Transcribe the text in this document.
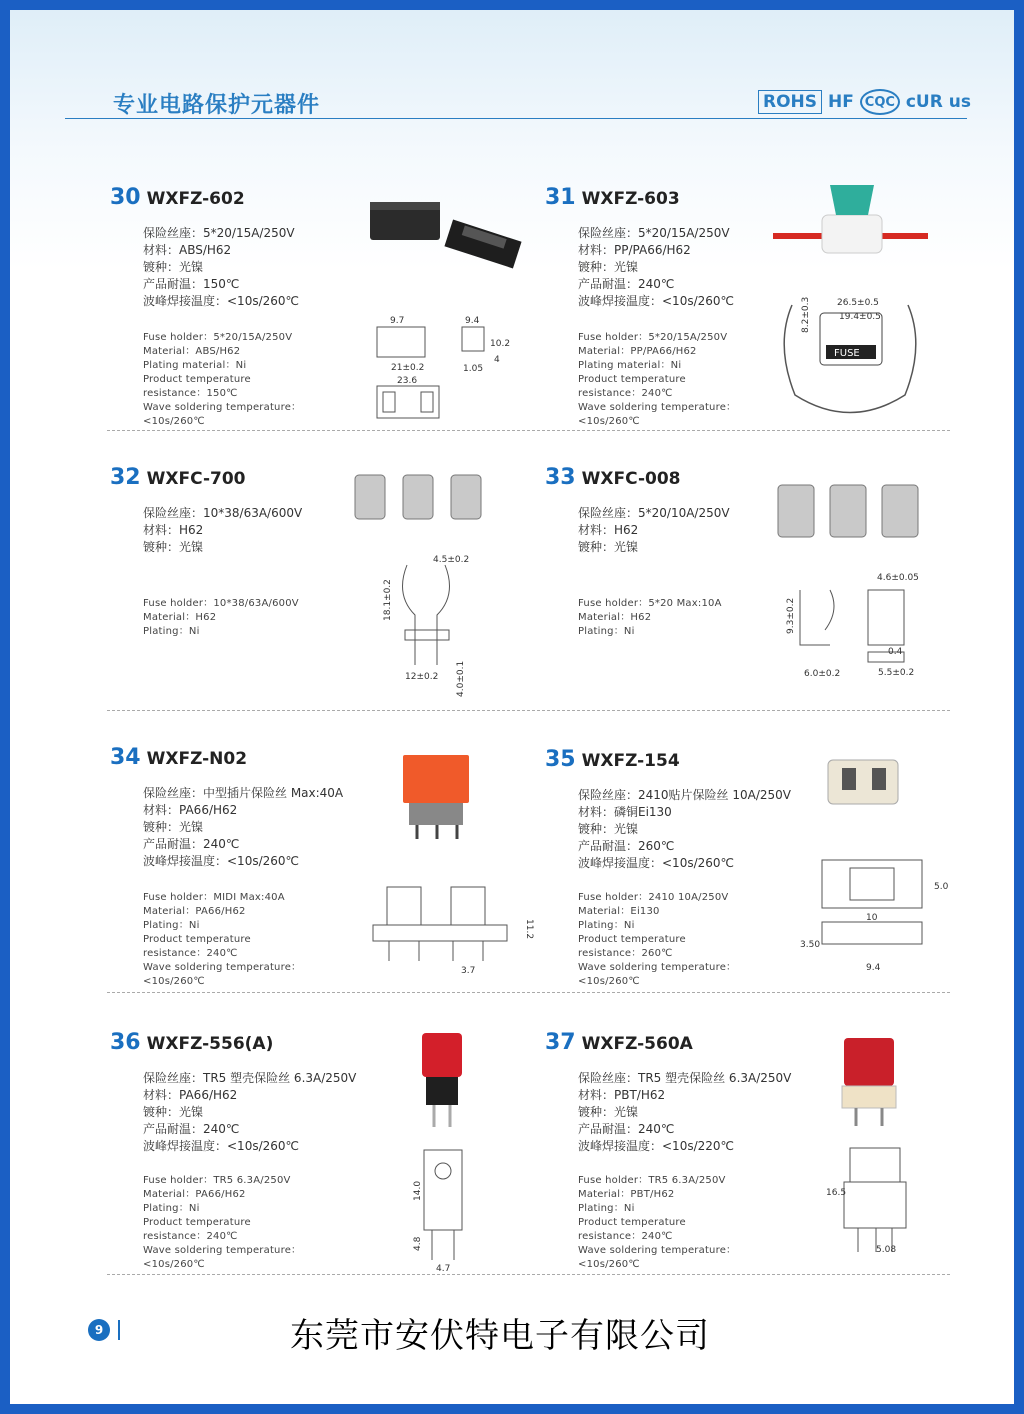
专业电路保护元器件	ROHS HF CQC cUR us
30 WXFZ-602
保险丝座：5*20/15A/250V
材料：ABS/H62
镀种：光镍
产品耐温：150℃
波峰焊接温度：<10s/260℃
Fuse holder：5*20/15A/250V
Material：ABS/H62
Plating material：Ni
Product temperature
resistance：150℃
Wave soldering temperature：
<10s/260℃
9.7	9.4
10.2
21±0.2	1.05
4
23.6
31 WXFZ-603
保险丝座：5*20/15A/250V
材料：PP/PA66/H62
镀种：光镍
产品耐温：240℃
波峰焊接温度：<10s/260℃
Fuse holder：5*20/15A/250V
Material：PP/PA66/H62
Plating material：Ni
Product temperature
resistance：240℃
Wave soldering temperature：
<10s/260℃
FUSE
26.5±0.5
19.4±0.5
8.2±0.3
32 WXFC-700
保险丝座：10*38/63A/600V
材料：H62
镀种：光镍
Fuse holder：10*38/63A/600V
Material：H62
Plating：Ni
4.5±0.2
18.1±0.2
12±0.2 4.0±0.1
33 WXFC-008
保险丝座：5*20/10A/250V
材料：H62
镀种：光镍
Fuse holder：5*20 Max:10A
Material：H62
Plating：Ni
4.6±0.05
9.3±0.2
0.4
6.0±0.2	5.5±0.2
34 WXFZ-N02
保险丝座：中型插片保险丝 Max:40A
材料：PA66/H62
镀种：光镍
产品耐温：240℃
波峰焊接温度：<10s/260℃
Fuse holder：MIDI Max:40A
Material：PA66/H62
Plating：Ni
Product temperature
resistance：240℃
Wave soldering temperature：
<10s/260℃
11.2
3.7
35 WXFZ-154
保险丝座：2410贴片保险丝 10A/250V
材料：磷铜Ei130
镀种：光镍
产品耐温：260℃
波峰焊接温度：<10s/260℃
Fuse holder：2410 10A/250V
Material：Ei130
Plating：Ni
Product temperature
resistance：260℃
Wave soldering temperature：
<10s/260℃
5.0
10
3.50
9.4
36 WXFZ-556(A)
保险丝座：TR5 塑壳保险丝 6.3A/250V
材料：PA66/H62
镀种：光镍
产品耐温：240℃
波峰焊接温度：<10s/260℃
Fuse holder：TR5 6.3A/250V
Material：PA66/H62
Plating：Ni
Product temperature
resistance：240℃
Wave soldering temperature：
<10s/260℃
14.0
4.8
4.7
37 WXFZ-560A
保险丝座：TR5 塑壳保险丝 6.3A/250V
材料：PBT/H62
镀种：光镍
产品耐温：240℃
波峰焊接温度：<10s/220℃
Fuse holder：TR5 6.3A/250V
Material：PBT/H62
Plating：Ni
Product temperature
resistance：240℃
Wave soldering temperature：
<10s/260℃
16.5
5.08
9	东莞市安伏特电子有限公司
